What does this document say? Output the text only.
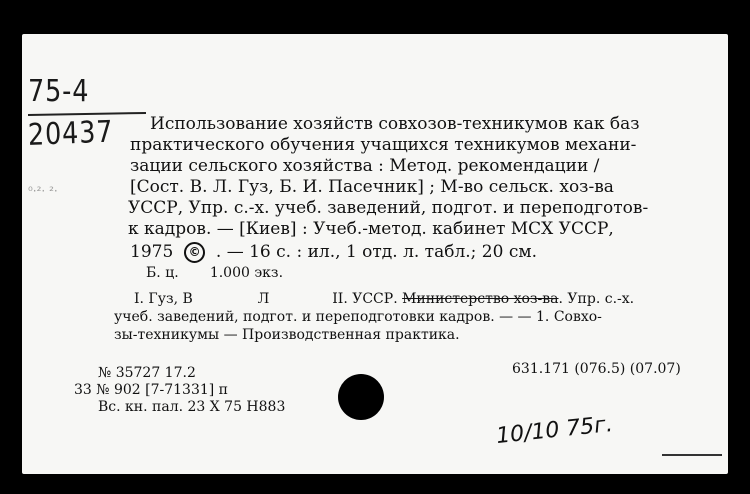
75-4
20437
⁰·²· ²·
Использование хозяйств совхозов-техникумов как баз
практического обучения учащихся техникумов механи-
зации сельского хозяйства : Метод. рекомендации /
[Сост. В. Л. Гуз, Б. И. Пасечник] ; М-во сельск. хоз-ва
УССР, Упр. с.-х. учеб. заведений, подгот. и переподготов-
к кадров. — [Киев] : Учеб.-метод. кабинет МСХ УССР,
1975 © . — 16 с. : ил., 1 отд. л. табл.; 20 см.
Б. ц. 1.000 экз.
I. Гуз, В	Л	II. УССР. Министерство хоз-ва. Упр. с.-х.
учеб. заведений, подгот. и переподготовки кадров. — — 1. Совхо-
зы-техникумы — Производственная практика.
№ 35727 17.2
33 № 902 [7-71331] п
Вс. кн. пал. 23 X 75 Н883
631.171 (076.5) (07.07)
10/10 75г.
